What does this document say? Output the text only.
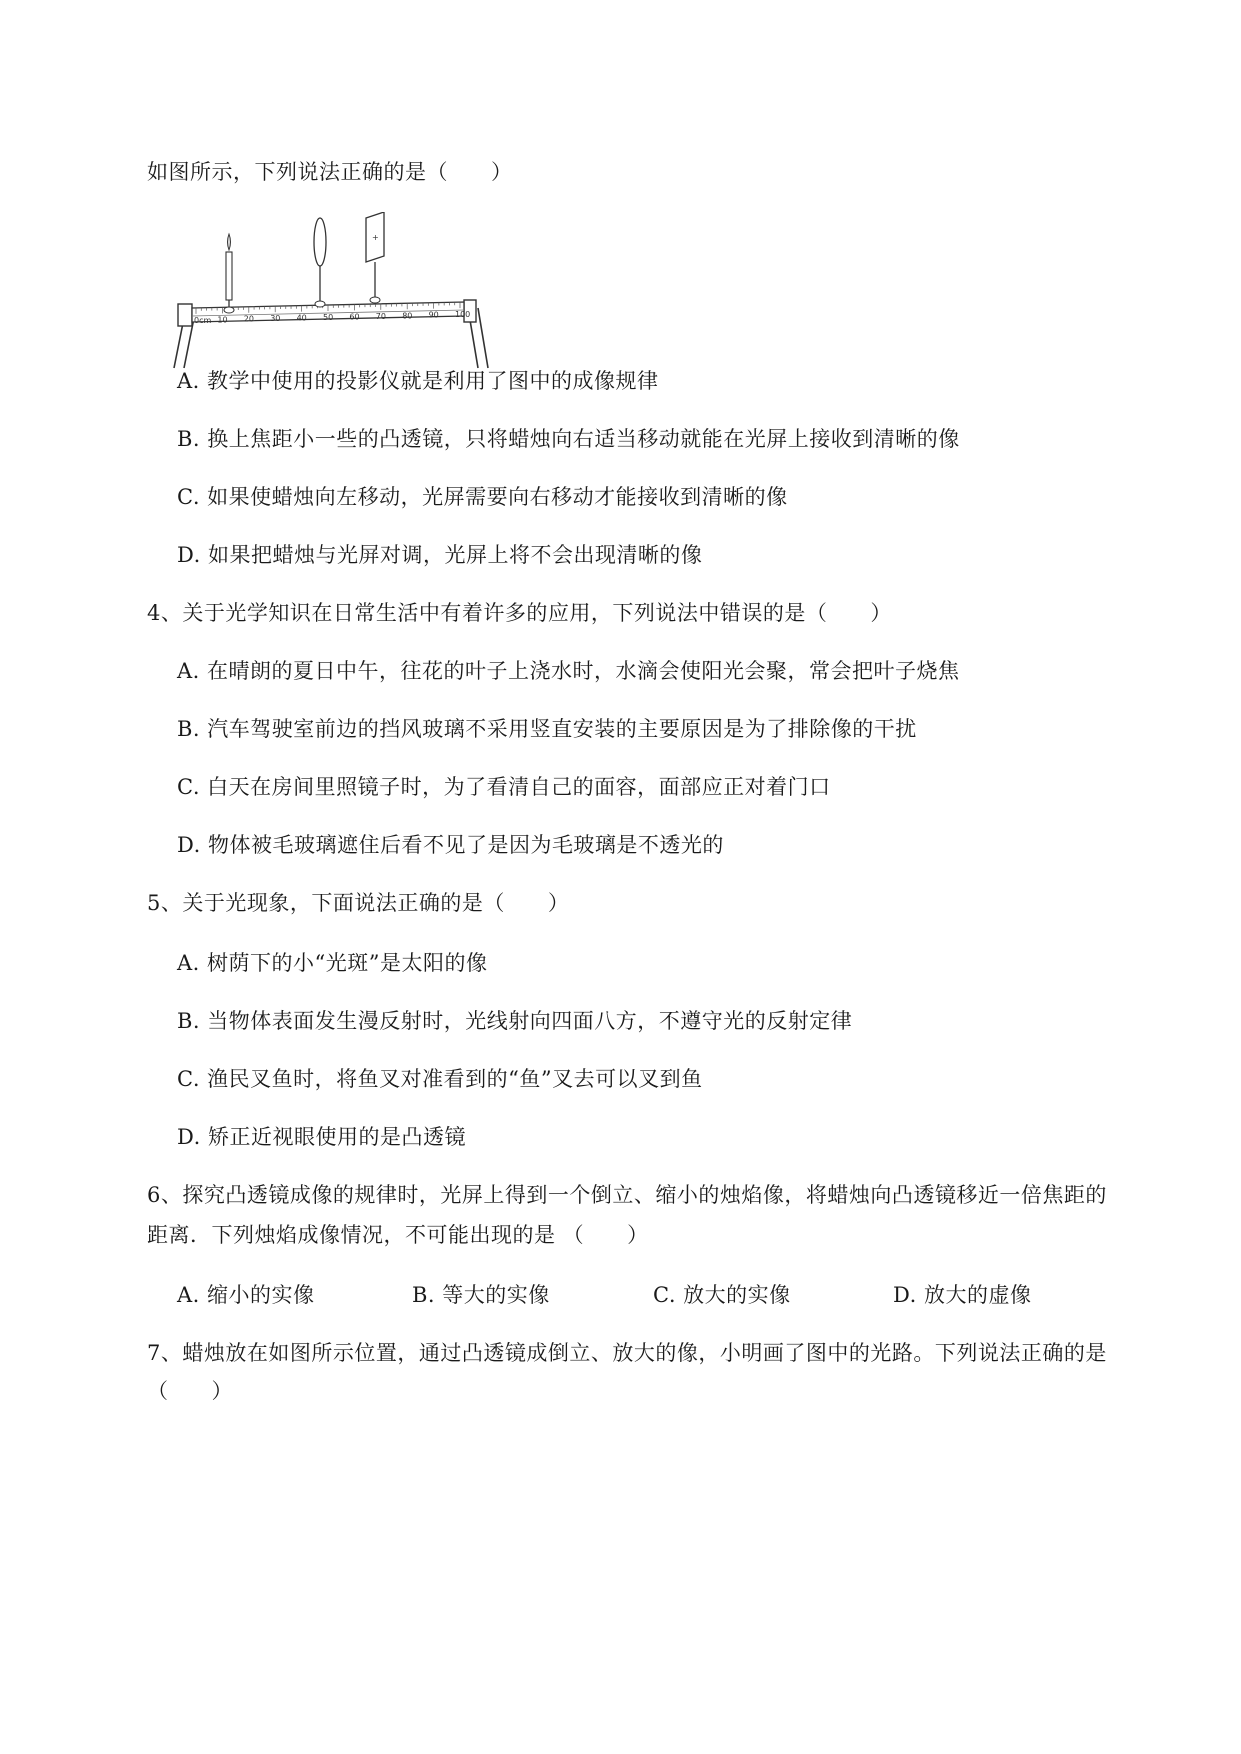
如图所示，下列说法正确的是（　　）
0cm 10 20 30 40 50 60 70 80 90 100
+
A. 教学中使用的投影仪就是利用了图中的成像规律
B. 换上焦距小一些的凸透镜，只将蜡烛向右适当移动就能在光屏上接收到清晰的像
C. 如果使蜡烛向左移动，光屏需要向右移动才能接收到清晰的像
D. 如果把蜡烛与光屏对调，光屏上将不会出现清晰的像
4、关于光学知识在日常生活中有着许多的应用，下列说法中错误的是（　　）
A. 在晴朗的夏日中午，往花的叶子上浇水时，水滴会使阳光会聚，常会把叶子烧焦
B. 汽车驾驶室前边的挡风玻璃不采用竖直安装的主要原因是为了排除像的干扰
C. 白天在房间里照镜子时，为了看清自己的面容，面部应正对着门口
D. 物体被毛玻璃遮住后看不见了是因为毛玻璃是不透光的
5、关于光现象，下面说法正确的是（　　）
A. 树荫下的小“光斑”是太阳的像
B. 当物体表面发生漫反射时，光线射向四面八方，不遵守光的反射定律
C. 渔民叉鱼时，将鱼叉对准看到的“鱼”叉去可以叉到鱼
D. 矫正近视眼使用的是凸透镜
6、探究凸透镜成像的规律时，光屏上得到一个倒立、缩小的烛焰像，将蜡烛向凸透镜移近一倍焦距的
距离．下列烛焰成像情况，不可能出现的是 （　　）
A. 缩小的实像	B. 等大的实像	C. 放大的实像	D. 放大的虚像
7、蜡烛放在如图所示位置，通过凸透镜成倒立、放大的像，小明画了图中的光路。下列说法正确的是
（　　）
